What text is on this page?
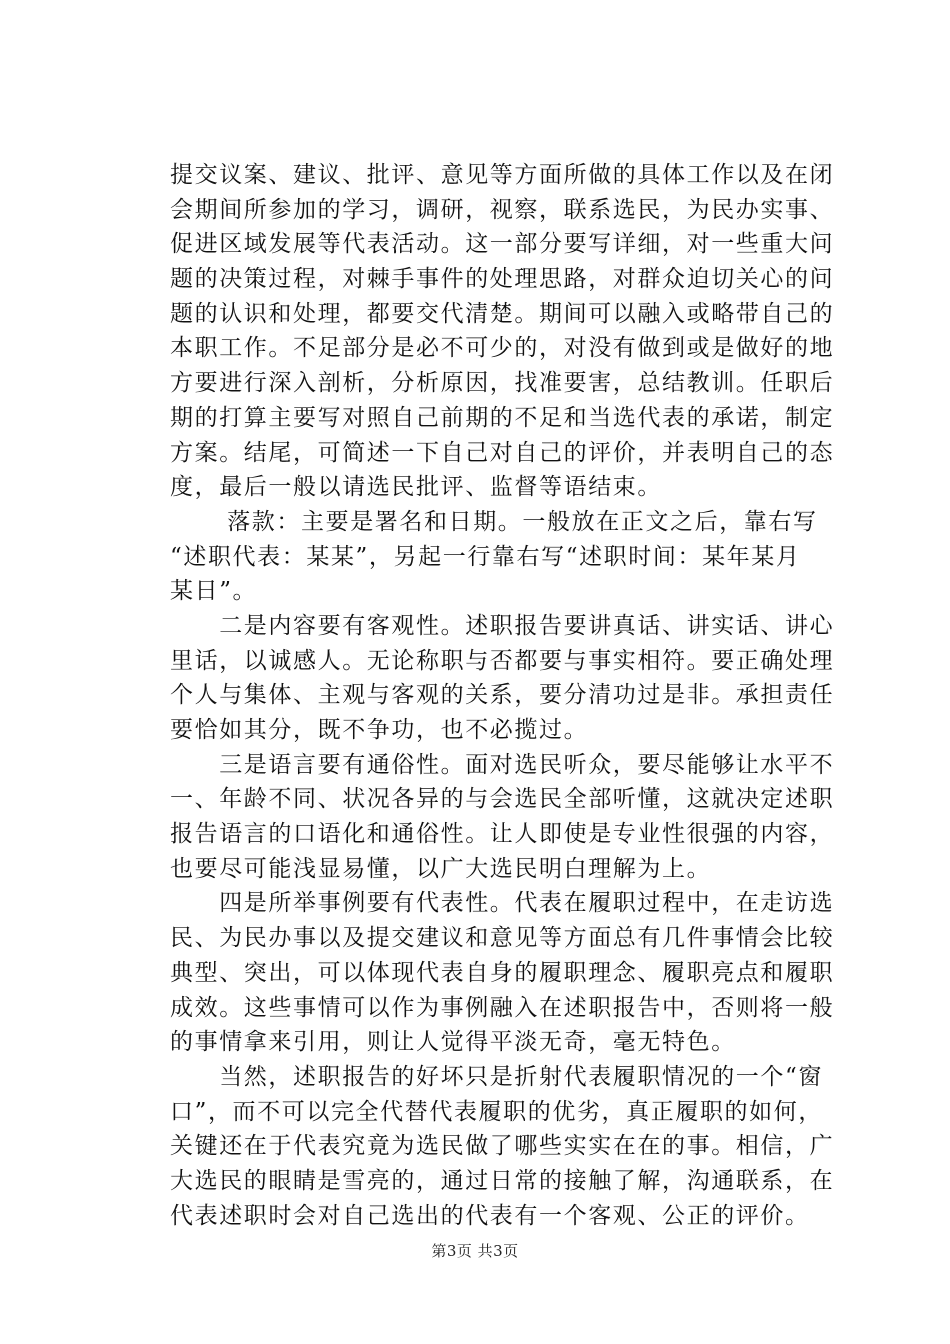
提交议案、建议、批评、意见等方面所做的具体工作以及在闭
会期间所参加的学习，调研，视察，联系选民，为民办实事、
促进区域发展等代表活动。这一部分要写详细，对一些重大问
题的决策过程，对棘手事件的处理思路，对群众迫切关心的问
题的认识和处理，都要交代清楚。期间可以融入或略带自己的
本职工作。不足部分是必不可少的，对没有做到或是做好的地
方要进行深入剖析，分析原因，找准要害，总结教训。任职后
期的打算主要写对照自己前期的不足和当选代表的承诺，制定
方案。结尾，可简述一下自己对自己的评价，并表明自己的态
度，最后一般以请选民批评、监督等语结束。
　　落款：主要是署名和日期。一般放在正文之后，靠右写
“述职代表：某某”，另起一行靠右写“述职时间：某年某月
某日”。
　　二是内容要有客观性。述职报告要讲真话、讲实话、讲心
里话，以诚感人。无论称职与否都要与事实相符。要正确处理
个人与集体、主观与客观的关系，要分清功过是非。承担责任
要恰如其分，既不争功，也不必揽过。
　　三是语言要有通俗性。面对选民听众，要尽能够让水平不
一、年龄不同、状况各异的与会选民全部听懂，这就决定述职
报告语言的口语化和通俗性。让人即使是专业性很强的内容，
也要尽可能浅显易懂，以广大选民明白理解为上。
　　四是所举事例要有代表性。代表在履职过程中，在走访选
民、为民办事以及提交建议和意见等方面总有几件事情会比较
典型、突出，可以体现代表自身的履职理念、履职亮点和履职
成效。这些事情可以作为事例融入在述职报告中，否则将一般
的事情拿来引用，则让人觉得平淡无奇，毫无特色。
　　当然，述职报告的好坏只是折射代表履职情况的一个“窗
口”，而不可以完全代替代表履职的优劣，真正履职的如何，
关键还在于代表究竟为选民做了哪些实实在在的事。相信，广
大选民的眼睛是雪亮的，通过日常的接触了解，沟通联系，在
代表述职时会对自己选出的代表有一个客观、公正的评价。
第3页 共3页
